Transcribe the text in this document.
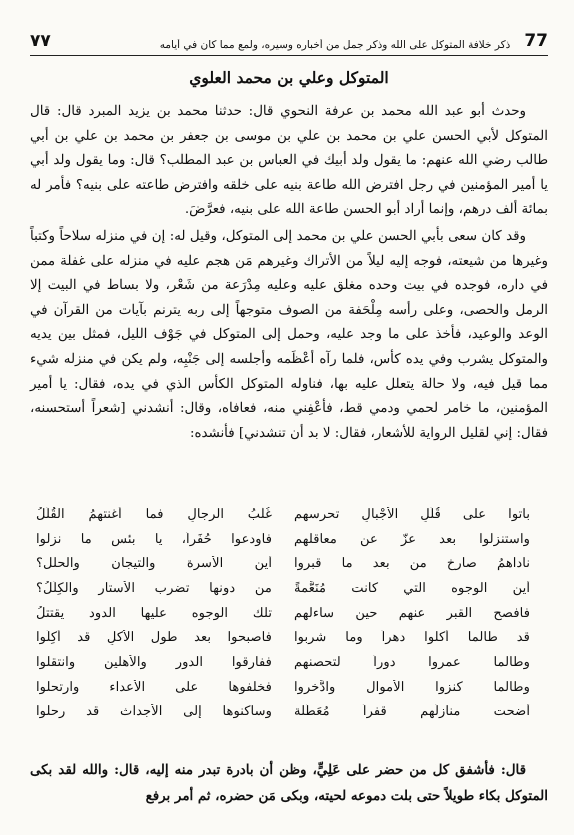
77
ذكر خلافة المتوكل على الله وذكر جمل من أخباره وسيره، ولمع مما كان في أيامه
٧٧
المتوكل وعلي بن محمد العلوي

وحدث أبو عبد الله محمد بن عرفة النحوي قال: حدثنا محمد بن يزيد المبرد قال: قال المتوكل لأبي الحسن علي بن محمد بن علي بن موسى بن جعفر بن محمد بن علي بن أبي طالب رضي الله عنهم: ما يقول ولد أبيك في العباس بن عبد المطلب؟ قال: وما يقول ولد أبي يا أمير المؤمنين في رجل افترض الله طاعة بنيه على خلقه وافترض طاعته على بنيه؟ فأمر له بمائة ألف درهم، وإنما أراد أبو الحسن طاعة الله على بنيه، فعرَّضَ.

وقد كان سعى بأبي الحسن علي بن محمد إلى المتوكل، وقيل له: إن في منزله سلاحاً وكتباً وغيرها من شيعته، فوجه إليه ليلاً من الأتراك وغيرهم مَن هجم عليه في منزله على غفلة ممن في داره، فوجده في بيت وحده مغلق عليه وعليه مِدْرَعة من شَعْر، ولا بساط في البيت إلا الرمل والحصى، وعلى رأسه مِلْحَفة من الصوف متوجهاً إلى ربه يترنم بآيات من القرآن في الوعد والوعيد، فأخذ على ما وجد عليه، وحمل إلى المتوكل في جَوْف الليل، فمثل بين يديه والمتوكل يشرب وفي يده كأس، فلما رآه أعْظَمه وأجلسه إلى جَنْبِه، ولم يكن في منزله شيء مما قيل فيه، ولا حالة يتعلل عليه بها، فناوله المتوكل الكأس الذي في يده، فقال: يا أمير المؤمنين، ما خامر لحمي ودمي قط، فأعْفِني منه، فعافاه، وقال: أنشدني [شعراً أستحسنه، فقال: إني لقليل الرواية للأشعار، فقال: لا بد أن تنشدني] فأنشده:

باتوا على قُلَلِ الأجْبالِ تحرسهم
غُلْبُ الرجالِ فما أغنتهمُ القُلَلُ
واستنزلوا بعد عزّ عن معاقلهم
فأودعوا حُفَراً، يا بئس ما نزلوا
ناداهمُ صارخ من بعد ما قبروا
أين الأسرة والتيجان والحلل؟
أين الوجوه التي كانت مُنَعَّمةً
من دونها تضرب الأستار والكِلَلُ؟
فأفصح القبر عنهم حين ساءلهم
تلك الوجوه عليها الدود يقتتلُ
قد طالما أكلوا دهراً وما شربوا
فأصبحوا بعد طول الأكلِ قد أُكِلُوا
وطالما عمروا دوراً لتحصنهم
ففارقوا الدور والأهلين وانتقلوا
وطالما كنزوا الأموال وادَّخروا
فخلفوها على الأعداء وارتحلوا
أضحت منازلُهم قفراً مُعَطَّلة
وساكنوها إلى الأجداث قد رحلوا

قال: فأشفق كل من حضر على عَلِيٍّ، وظن أن بادرة تبدر منه إليه، قال: والله لقد بكى المتوكل بكاء طويلاً حتى بلت دموعه لحيته، وبكى مَن حضره، ثم أمر برفع
